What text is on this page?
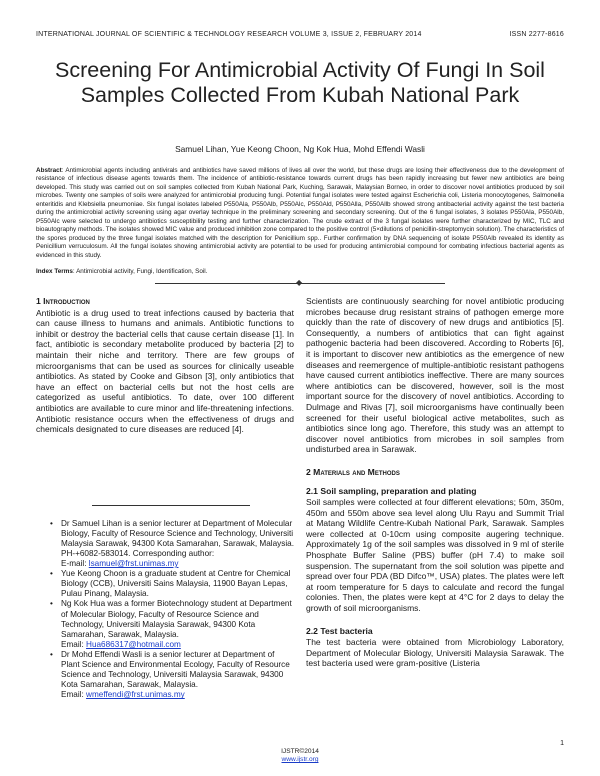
INTERNATIONAL JOURNAL OF SCIENTIFIC & TECHNOLOGY RESEARCH VOLUME 3, ISSUE 2, FEBRUARY 2014	ISSN 2277-8616
Screening For Antimicrobial Activity Of Fungi In Soil Samples Collected From Kubah National Park
Samuel Lihan, Yue Keong Choon, Ng Kok Hua, Mohd Effendi Wasli
Abstract: Antimicrobial agents including antivirals and antibiotics have saved millions of lives all over the world, but these drugs are losing their effectiveness due to the development of resistance of infectious disease agents towards them. The incidence of antibiotic-resistance towards current drugs has been rapidly increasing but fewer new antibiotics are being developed. This study was carried out on soil samples collected from Kubah National Park, Kuching, Sarawak, Malaysian Borneo, in order to discover novel antibiotics produced by soil microbes. Twenty one samples of soils were analyzed for antimicrobial producing fungi. Potential fungal isolates were tested against Escherichia coli, Listeria monocytogenes, Salmonella enteritidis and Klebsiella pneumoniae. Six fungal isolates labeled P550Ala, P550Alb, P550Alc, P550Ald, P550Alla, P550Allb showed strong antibacterial activity against the test bacteria during the antimicrobial activity screening using agar overlay technique in the preliminary screening and secondary screening. Out of the 6 fungal isolates, 3 isolates P550Ala, P550Alb, P550Alc were selected to undergo antibiotics susceptibility testing and further characterization. The crude extract of the 3 fungal isolates were further characterized by MIC, TLC and bioautography methods. The isolates showed MIC value and produced inhibition zone compared to the positive control (5×dilutions of penicillin-streptomycin solution). The characteristics of the spores produced by the three fungal isolates matched with the description for Penicillium spp.. Further confirmation by DNA sequencing of isolate P550Alb revealed its identity as Penicillium verruculosum. All the fungal isolates showing antimicrobial activity are potential to be used for producing antimicrobial compound for combating infectious bacterial agents as evidenced in this study.
Index Terms: Antimicrobial activity, Fungi, Identification, Soil.
◆
1 Introduction

Antibiotic is a drug used to treat infections caused by bacteria that can cause illness to humans and animals. Antibiotic functions to inhibit or destroy the bacterial cells that cause certain disease [1]. In fact, antibiotic is secondary metabolite produced by bacteria [2] to maintain their niche and territory. There are few groups of microorganisms that can be used as sources for clinically useable antibiotics. As stated by Cooke and Gibson [3], only antibiotics that have an effect on bacterial cells but not the host cells are categorized as useful antibiotics. To date, over 100 different antibiotics are available to cure minor and life-threatening infections. Antibiotic resistance occurs when the effectiveness of drugs and chemicals designated to cure diseases are reduced [4].

• Dr Samuel Lihan is a senior lecturer at Department of Molecular Biology, Faculty of Resource Science and Technology, Universiti Malaysia Sarawak, 94300 Kota Samarahan, Sarawak, Malaysia. PH-+6082-583014. Corresponding author:
E-mail: lsamuel@frst.unimas.my
• Yue Keong Choon is a graduate student at Centre for Chemical Biology (CCB), Universiti Sains Malaysia, 11900 Bayan Lepas, Pulau Pinang, Malaysia.
• Ng Kok Hua was a former Biotechnology student at Department of Molecular Biology, Faculty of Resource Science and Technology, Universiti Malaysia Sarawak, 94300 Kota Samarahan, Sarawak, Malaysia.
Email: Hua686317@hotmail.com
• Dr Mohd Effendi Wasli is a senior lecturer at Department of Plant Science and Environmental Ecology, Faculty of Resource Science and Technology, Universiti Malaysia Sarawak, 94300 Kota Samarahan, Sarawak, Malaysia.
Email: wmeffendi@frst.unimas.my

Scientists are continuously searching for novel antibiotic producing microbes because drug resistant strains of pathogen emerge more quickly than the rate of discovery of new drugs and antibiotics [5]. Consequently, a numbers of antibiotics that can fight against pathogenic bacteria had been discovered. According to Roberts [6], it is important to discover new antibiotics as the emergence of new diseases and reemergence of multiple-antibiotic resistant pathogens have caused current antibiotics ineffective. There are many sources where antibiotics can be discovered, however, soil is the most important source for the discovery of novel antibiotics. According to Dulmage and Rivas [7], soil microorganisms have continually been screened for their useful biological active metabolites, such as antibiotics since long ago. Therefore, this study was an attempt to discover novel antibiotics from microbes in soil samples from undisturbed area in Sarawak.

2 Materials and Methods
2.1 Soil sampling, preparation and plating

Soil samples were collected at four different elevations; 50m, 350m, 450m and 550m above sea level along Ulu Rayu and Summit Trial at Matang Wildlife Centre-Kubah National Park, Sarawak. Samples were collected at 0-10cm using composite augering technique. Approximately 1g of the soil samples was dissolved in 9 ml of sterile Phosphate Buffer Saline (PBS) buffer (pH 7.4) to make soil suspension. The supernatant from the soil solution was pipette and spread over four PDA (BD Difco™, USA) plates. The plates were left at room temperature for 5 days to calculate and record the fungal colonies. Then, the plates were kept at 4°C for 2 days to delay the growth of soil microorganisms.

2.2 Test bacteria

The test bacteria were obtained from Microbiology Laboratory, Department of Molecular Biology, Universiti Malaysia Sarawak. The test bacteria used were gram-positive (Listeria

1
IJSTR©2014
www.ijstr.org
